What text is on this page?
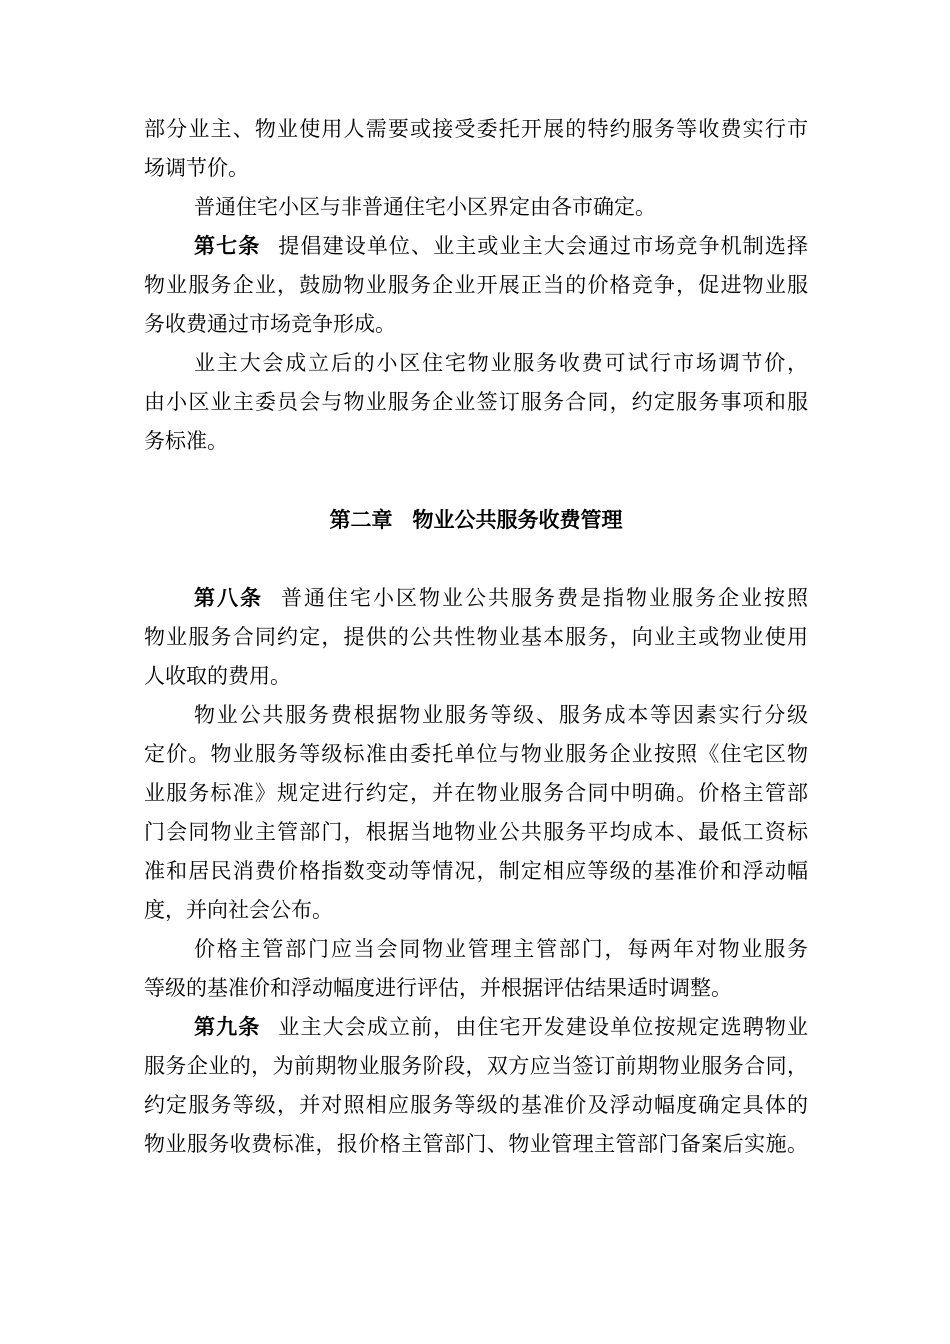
部分业主、物业使用人需要或接受委托开展的特约服务等收费实行市
场调节价。
普通住宅小区与非普通住宅小区界定由各市确定。
第七条 提倡建设单位、业主或业主大会通过市场竞争机制选择
物业服务企业，鼓励物业服务企业开展正当的价格竞争，促进物业服
务收费通过市场竞争形成。
业主大会成立后的小区住宅物业服务收费可试行市场调节价，
由小区业主委员会与物业服务企业签订服务合同，约定服务事项和服
务标准。
第二章 物业公共服务收费管理
第八条 普通住宅小区物业公共服务费是指物业服务企业按照
物业服务合同约定，提供的公共性物业基本服务，向业主或物业使用
人收取的费用。
物业公共服务费根据物业服务等级、服务成本等因素实行分级
定价。物业服务等级标准由委托单位与物业服务企业按照《住宅区物
业服务标准》规定进行约定，并在物业服务合同中明确。价格主管部
门会同物业主管部门，根据当地物业公共服务平均成本、最低工资标
准和居民消费价格指数变动等情况，制定相应等级的基准价和浮动幅
度，并向社会公布。
价格主管部门应当会同物业管理主管部门，每两年对物业服务
等级的基准价和浮动幅度进行评估，并根据评估结果适时调整。
第九条 业主大会成立前，由住宅开发建设单位按规定选聘物业
服务企业的，为前期物业服务阶段，双方应当签订前期物业服务合同，
约定服务等级，并对照相应服务等级的基准价及浮动幅度确定具体的
物业服务收费标准，报价格主管部门、物业管理主管部门备案后实施。
